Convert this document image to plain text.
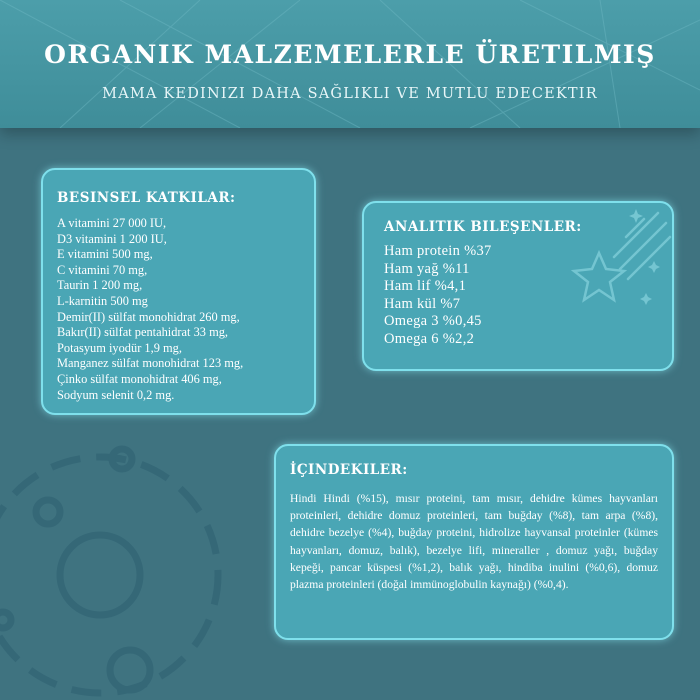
ORGANIK MALZEMELERLE ÜRETILMIŞ
MAMA KEDINIZI DAHA SAĞLIKLI VE MUTLU EDECEKTIR
BESINSEL KATKILAR:
A vitamini 27 000 IU,
D3 vitamini 1 200 IU,
E vitamini 500 mg,
C vitamini 70 mg,
Taurin 1 200 mg,
L-karnitin 500 mg
Demir(II) sülfat monohidrat 260 mg,
Bakır(II) sülfat pentahidrat 33 mg,
Potasyum iyodür 1,9 mg,
Manganez sülfat monohidrat 123 mg,
Çinko sülfat monohidrat 406 mg,
Sodyum selenit 0,2 mg.
ANALITIK BILEŞENLER:
Ham protein %37
Ham yağ %11
Ham lif %4,1
Ham kül %7
Omega 3 %0,45
Omega 6 %2,2
İÇINDEKILER:

Hindi Hindi (%15), mısır proteini, tam mısır, dehidre kümes hayvanları proteinleri, dehidre domuz proteinleri, tam buğday (%8), tam arpa (%8), dehidre bezelye (%4), buğday proteini, hidrolize hayvansal proteinler (kümes hayvanları, domuz, balık), bezelye lifi, mineraller , domuz yağı, buğday kepeği, pancar küspesi (%1,2), balık yağı, hindiba inulini (%0,6), domuz plazma proteinleri (doğal immünoglobulin kaynağı) (%0,4).
